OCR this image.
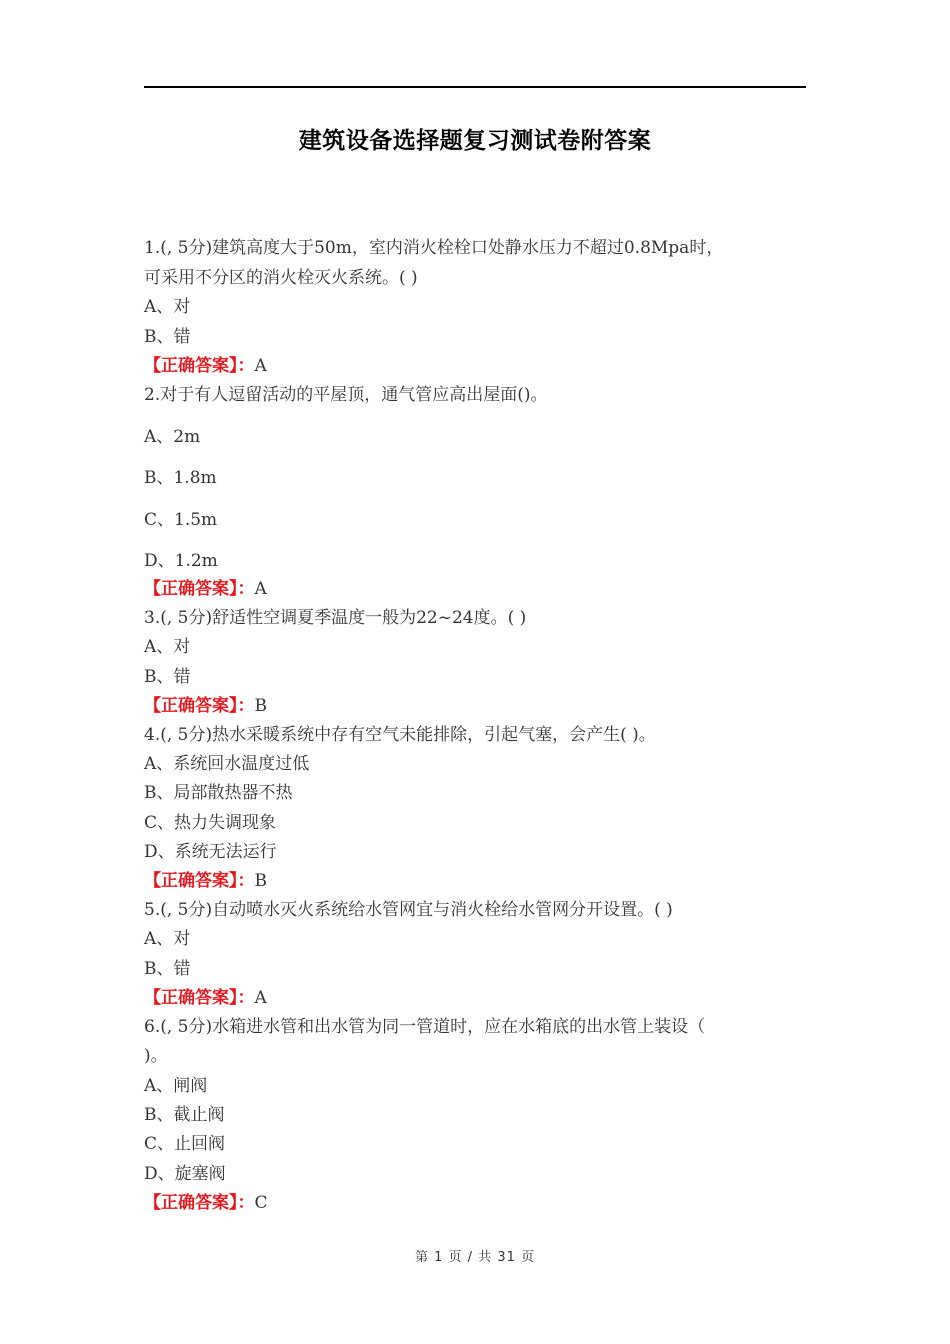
建筑设备选择题复习测试卷附答案
1.(, 5分)建筑高度大于50m，室内消火栓栓口处静水压力不超过0.8Mpa时，
可采用不分区的消火栓灭火系统。( )
A、对
B、错
【正确答案】：A
2.对于有人逗留活动的平屋顶，通气管应高出屋面()。
A、2m
B、1.8m
C、1.5m
D、1.2m
【正确答案】：A
3.(, 5分)舒适性空调夏季温度一般为22~24度。( )
A、对
B、错
【正确答案】：B
4.(, 5分)热水采暖系统中存有空气未能排除，引起气塞，会产生( )。
A、系统回水温度过低
B、局部散热器不热
C、热力失调现象
D、系统无法运行
【正确答案】：B
5.(, 5分)自动喷水灭火系统给水管网宜与消火栓给水管网分开设置。( )
A、对
B、错
【正确答案】：A
6.(, 5分)水箱进水管和出水管为同一管道时，应在水箱底的出水管上装设（
)。
A、闸阀
B、截止阀
C、止回阀
D、旋塞阀
【正确答案】：C
第 1 页 / 共 31 页
